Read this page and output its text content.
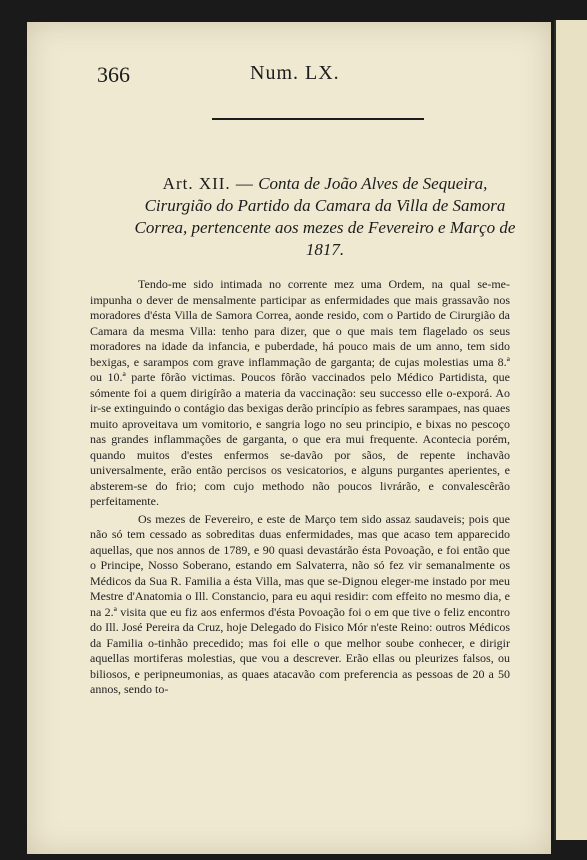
366	Num. LX.
Art. XII. — Conta de João Alves de Sequeira, Cirurgião do Partido da Camara da Villa de Samora Correa, pertencente aos mezes de Fevereiro e Março de 1817.

Tendo-me sido intimada no corrente mez uma Ordem, na qual se-me-impunha o dever de mensalmente participar as enfermidades que mais grassavão nos moradores d'ésta Villa de Samora Correa, aonde resido, com o Partido de Cirurgião da Camara da mesma Villa: tenho para dizer, que o que mais tem flagelado os seus moradores na idade da infancia, e puberdade, há pouco mais de um anno, tem sido bexigas, e sarampos com grave inflammação de garganta; de cujas molestias uma 8.ª ou 10.ª parte fôrão victimas. Poucos fôrão vaccinados pelo Médico Partidista, que sómente foi a quem dirigírão a materia da vaccinação: seu successo elle o-exporá. Ao ir-se extinguindo o contágio das bexigas derão princípio as febres sarampaes, nas quaes muito aproveitava um vomitorio, e sangria logo no seu principio, e bixas no pescoço nas grandes inflammações de garganta, o que era mui frequente. Acontecia porém, quando muitos d'estes enfermos se-davão por sãos, de repente inchavão universalmente, erão então percisos os vesicatorios, e alguns purgantes aperientes, e absterem-se do frio; com cujo methodo não poucos livrárão, e convalescêrão perfeitamente.

Os mezes de Fevereiro, e este de Março tem sido assaz saudaveis; pois que não só tem cessado as sobreditas duas enfermidades, mas que acaso tem apparecido aquellas, que nos annos de 1789, e 90 quasi devastárão ésta Povoação, e foi então que o Principe, Nosso Soberano, estando em Salvaterra, não só fez vir semanalmente os Médicos da Sua R. Familia a ésta Villa, mas que se-Dignou eleger-me instado por meu Mestre d'Anatomia o Ill. Constancio, para eu aqui residir: com effeito no mesmo dia, e na 2.ª visita que eu fiz aos enfermos d'ésta Povoação foi o em que tive o feliz encontro do Ill. José Pereira da Cruz, hoje Delegado do Fisico Mór n'este Reino: outros Médicos da Familia o-tinhão precedido; mas foi elle o que melhor soube conhecer, e dirigir aquellas mortiferas molestias, que vou a descrever. Erão ellas ou pleurizes falsos, ou biliosos, e peripneumonias, as quaes atacavão com preferencia as pessoas de 20 a 50 annos, sendo to-
